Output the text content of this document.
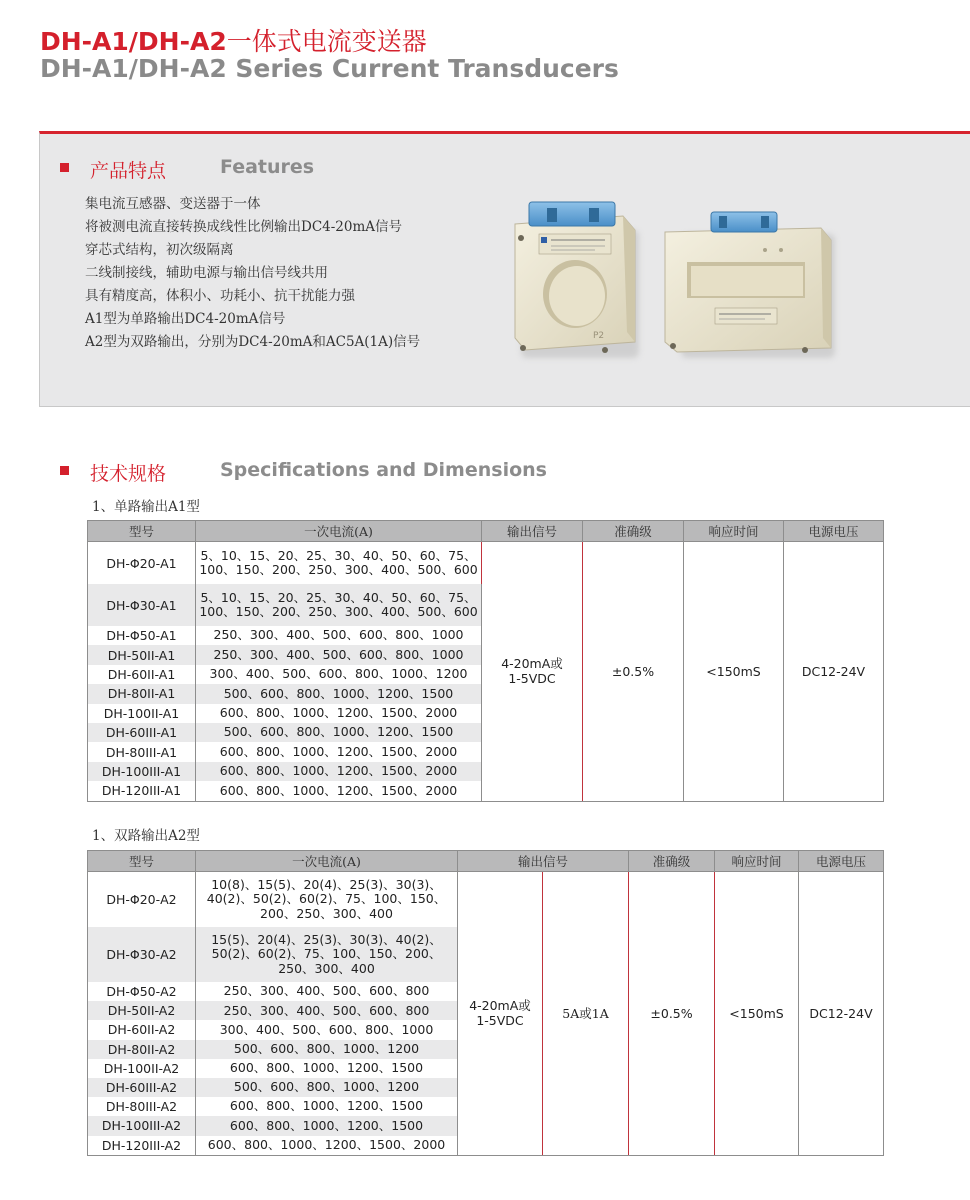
DH-A1/DH-A2一体式电流变送器
DH-A1/DH-A2 Series Current Transducers
产品特点	Features
集电流互感器、变送器于一体
将被测电流直接转换成线性比例输出DC4-20mA信号
穿芯式结构，初次级隔离
二线制接线，辅助电源与输出信号线共用
具有精度高，体积小、功耗小、抗干扰能力强
A1型为单路输出DC4-20mA信号
A2型为双路输出，分别为DC4-20mA和AC5A(1A)信号	P2
技术规格	Specifications and Dimensions
1、单路输出A1型
型号	一次电流(A)	输出信号	准确级	响应时间	电源电压
DH-Φ20-A1	5、10、15、20、25、30、40、50、60、75、
100、150、200、250、300、400、500、600	4-20mA或
1-5VDC	±0.5%	<150mS	DC12-24V
DH-Φ30-A1	5、10、15、20、25、30、40、50、60、75、
100、150、200、250、300、400、500、600				
DH-Φ50-A1	250、300、400、500、600、800、1000				
DH-50II-A1	250、300、400、500、600、800、1000				
DH-60II-A1	300、400、500、600、800、1000、1200				
DH-80II-A1	500、600、800、1000、1200、1500				
DH-100II-A1	600、800、1000、1200、1500、2000				
DH-60III-A1	500、600、800、1000、1200、1500				
DH-80III-A1	600、800、1000、1200、1500、2000				
DH-100III-A1	600、800、1000、1200、1500、2000				
DH-120III-A1	600、800、1000、1200、1500、2000				
1、双路输出A2型
型号	一次电流(A)	输出信号		准确级	响应时间	电源电压
DH-Φ20-A2	10(8)、15(5)、20(4)、25(3)、30(3)、
40(2)、50(2)、60(2)、75、100、150、
200、250、300、400	4-20mA或
1-5VDC	5A或1A	±0.5%	<150mS	DC12-24V
DH-Φ30-A2	15(5)、20(4)、25(3)、30(3)、40(2)、
50(2)、60(2)、75、100、150、200、
250、300、400					
DH-Φ50-A2	250、300、400、500、600、800					
DH-50II-A2	250、300、400、500、600、800					
DH-60II-A2	300、400、500、600、800、1000					
DH-80II-A2	500、600、800、1000、1200					
DH-100II-A2	600、800、1000、1200、1500					
DH-60III-A2	500、600、800、1000、1200					
DH-80III-A2	600、800、1000、1200、1500					
DH-100III-A2	600、800、1000、1200、1500					
DH-120III-A2	600、800、1000、1200、1500、2000					
